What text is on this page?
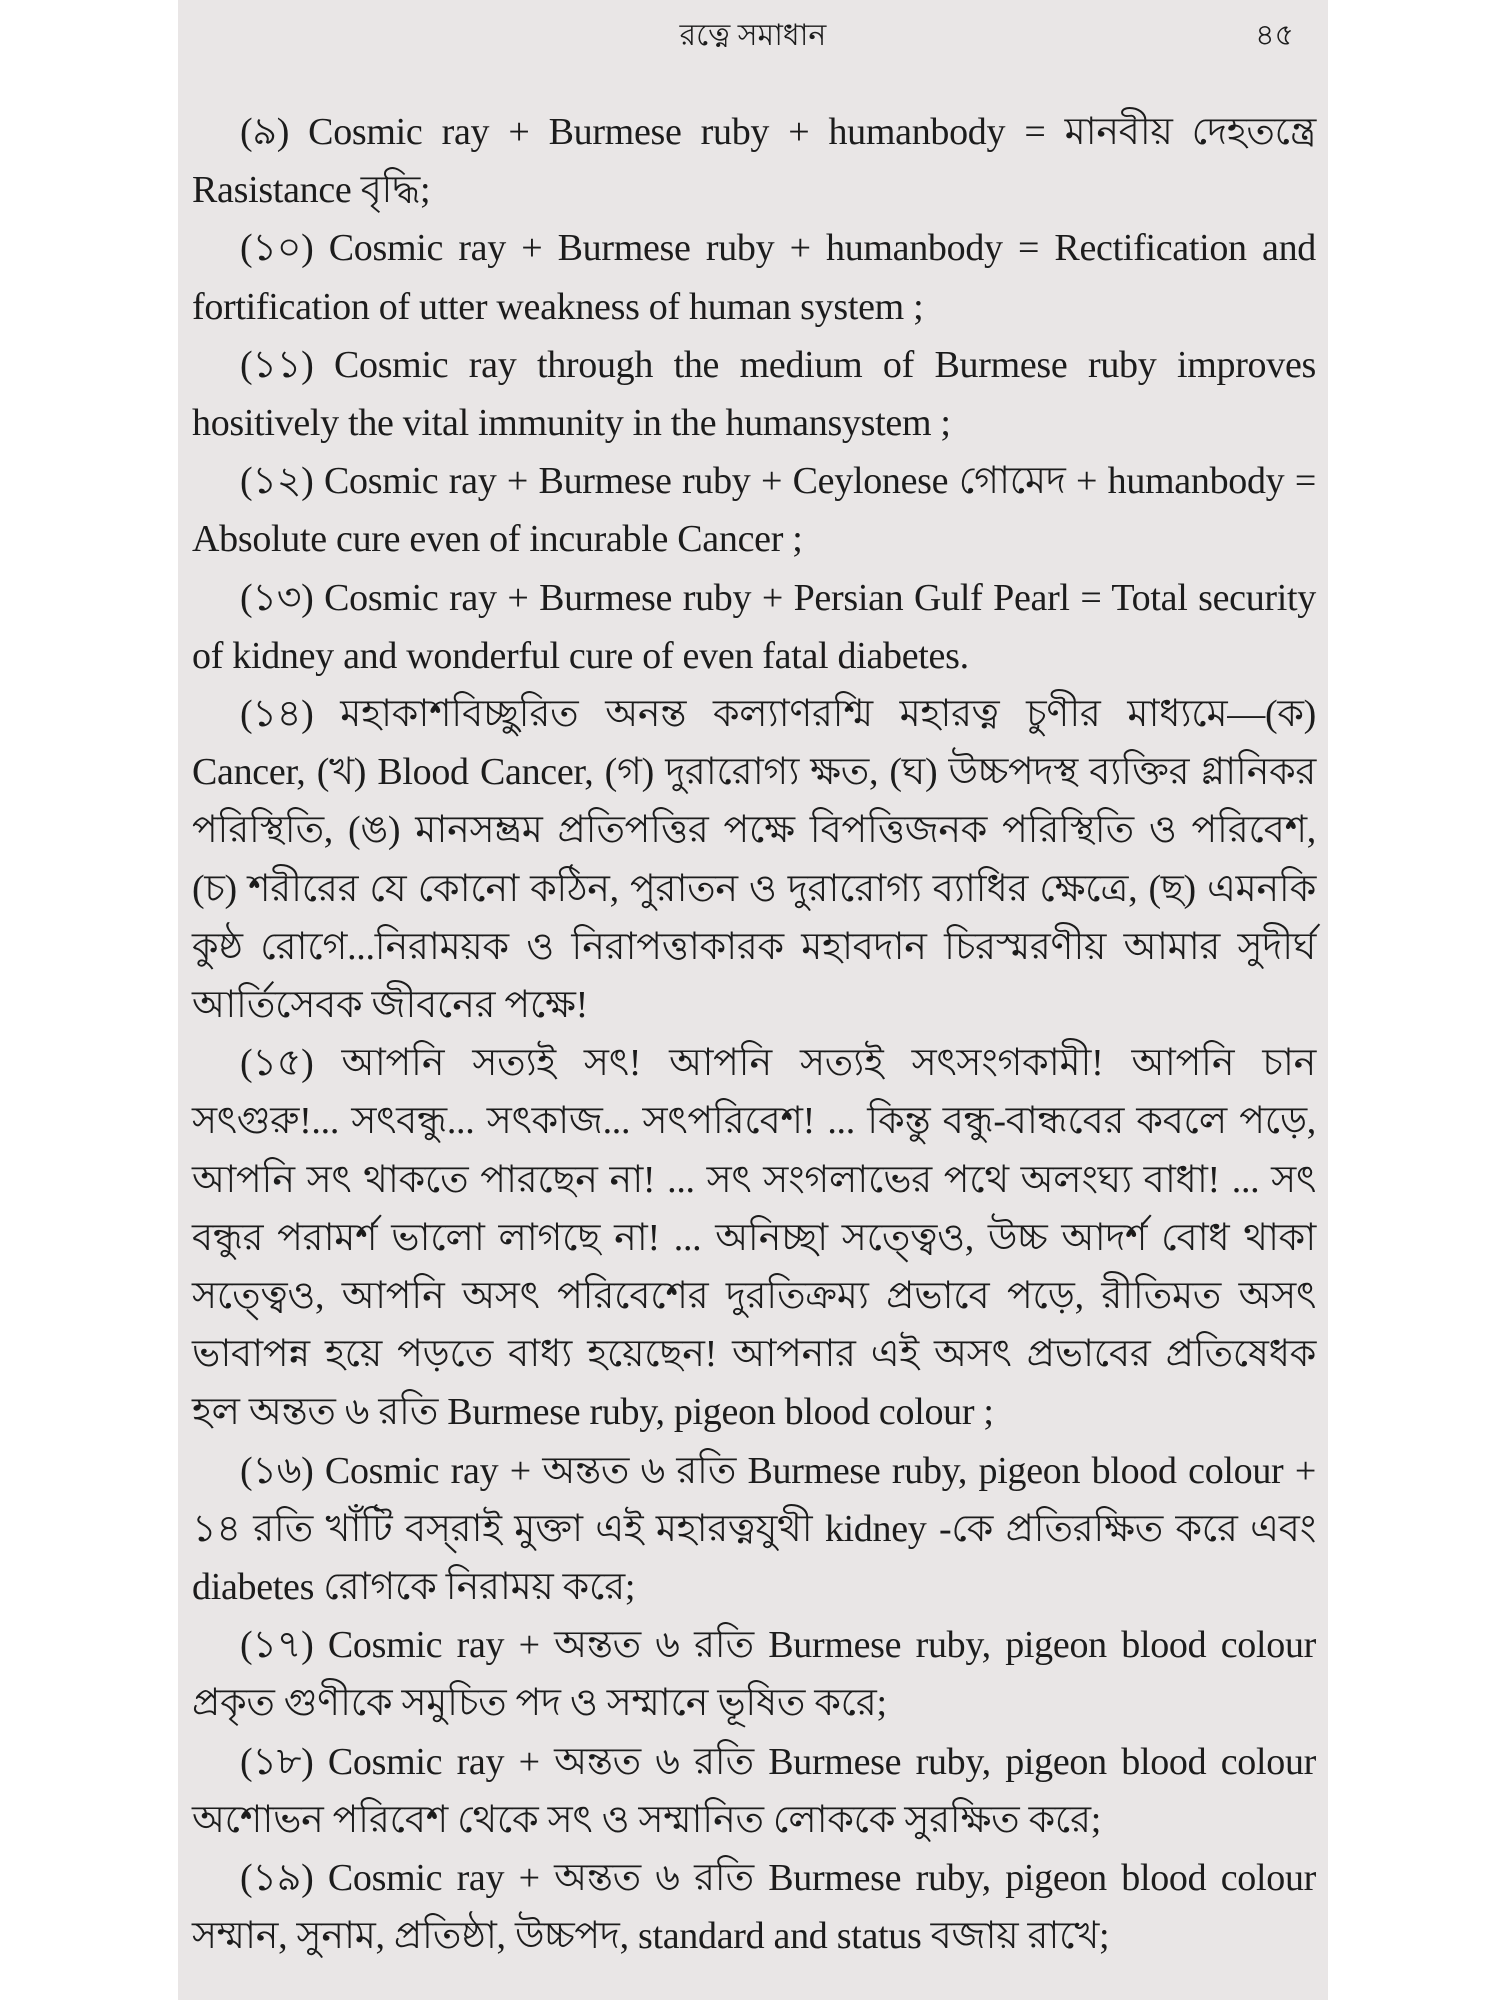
রত্নে সমাধান	৪৫

(৯) Cosmic ray + Burmese ruby + humanbody = মানবীয় দেহতন্ত্রে Rasistance বৃদ্ধি;

(১০) Cosmic ray + Burmese ruby + humanbody = Rectification and fortification of utter weakness of human system ;

(১১) Cosmic ray through the medium of Burmese ruby improves hositively the vital immunity in the humansystem ;

(১২) Cosmic ray + Burmese ruby + Ceylonese গোমেদ + humanbody = Absolute cure even of incurable Cancer ;

(১৩) Cosmic ray + Burmese ruby + Persian Gulf Pearl = Total security of kidney and wonderful cure of even fatal diabetes.

(১৪) মহাকাশবিচ্ছুরিত অনন্ত কল্যাণরশ্মি মহারত্ন চুণীর মাধ্যমে—(ক) Cancer, (খ) Blood Cancer, (গ) দুরারোগ্য ক্ষত, (ঘ) উচ্চপদস্থ ব্যক্তির গ্লানিকর পরিস্থিতি, (ঙ) মানসম্ভ্রম প্রতিপত্তির পক্ষে বিপত্তিজনক পরিস্থিতি ও পরিবেশ, (চ) শরীরের যে কোনো কঠিন, পুরাতন ও দুরারোগ্য ব্যাধির ক্ষেত্রে, (ছ) এমনকি কুষ্ঠ রোগে...নিরাময়ক ও নিরাপত্তাকারক মহাবদান চিরস্মরণীয় আমার সুদীর্ঘ আর্তিসেবক জীবনের পক্ষে!

(১৫) আপনি সত্যই সৎ! আপনি সত্যই সৎসংগকামী! আপনি চান সৎগুরু!... সৎবন্ধু... সৎকাজ... সৎপরিবেশ! ... কিন্তু বন্ধু-বান্ধবের কবলে পড়ে, আপনি সৎ থাকতে পারছেন না! ... সৎ সংগলাভের পথে অলংঘ্য বাধা! ... সৎ বন্ধুর পরামর্শ ভালো লাগছে না! ... অনিচ্ছা সত্ত্বেও, উচ্চ আদর্শ বোধ থাকা সত্ত্বেও, আপনি অসৎ পরিবেশের দুরতিক্রম্য প্রভাবে পড়ে, রীতিমত অসৎ ভাবাপন্ন হয়ে পড়তে বাধ্য হয়েছেন! আপনার এই অসৎ প্রভাবের প্রতিষেধক হল অন্তত ৬ রতি Burmese ruby, pigeon blood colour ;

(১৬) Cosmic ray + অন্তত ৬ রতি Burmese ruby, pigeon blood colour + ১৪ রতি খাঁটি বস্‌রাই মুক্তা এই মহারত্নযুথী kidney -কে প্রতিরক্ষিত করে এবং diabetes রোগকে নিরাময় করে;

(১৭) Cosmic ray + অন্তত ৬ রতি Burmese ruby, pigeon blood colour প্রকৃত গুণীকে সমুচিত পদ ও সম্মানে ভূষিত করে;

(১৮) Cosmic ray + অন্তত ৬ রতি Burmese ruby, pigeon blood colour অশোভন পরিবেশ থেকে সৎ ও সম্মানিত লোককে সুরক্ষিত করে;

(১৯) Cosmic ray + অন্তত ৬ রতি Burmese ruby, pigeon blood colour সম্মান, সুনাম, প্রতিষ্ঠা, উচ্চপদ, standard and status বজায় রাখে;
